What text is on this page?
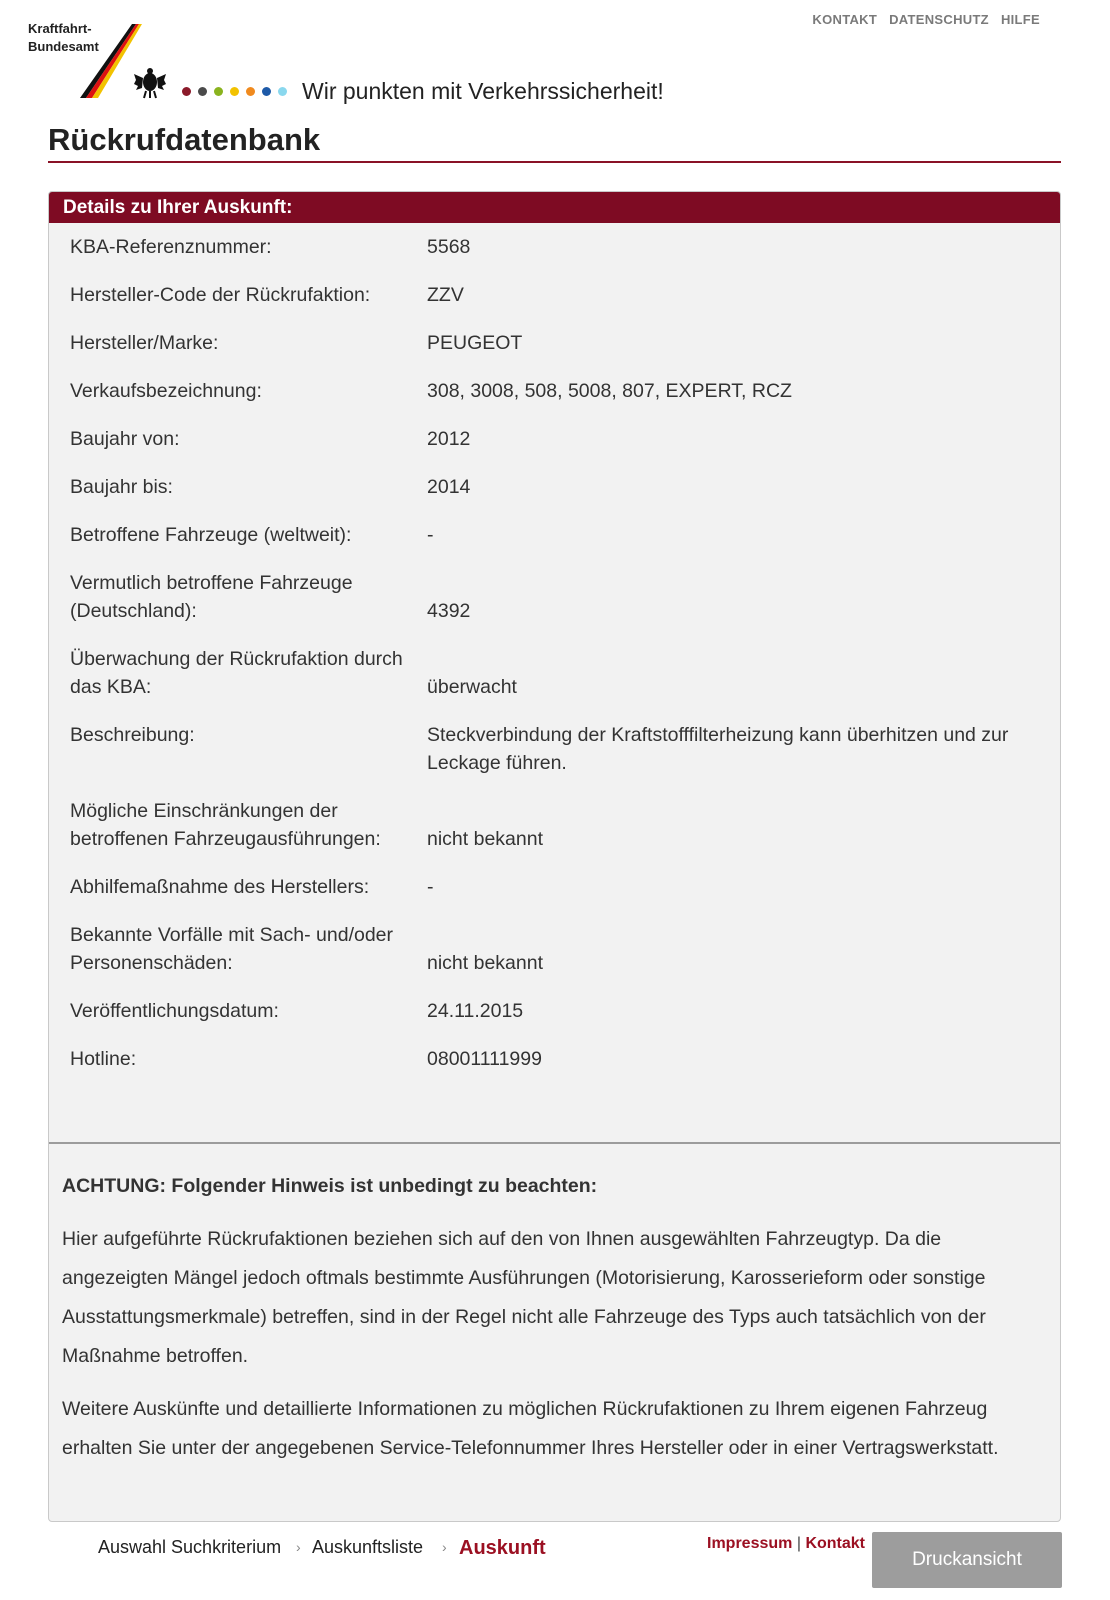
KONTAKT DATENSCHUTZ HILFE
Kraftfahrt-
Bundesamt
Wir punkten mit Verkehrssicherheit!
Rückrufdatenbank
Details zu Ihrer Auskunft:
KBA-Referenznummer:	5568
Hersteller-Code der Rückrufaktion:	ZZV
Hersteller/Marke:	PEUGEOT
Verkaufsbezeichnung:	308, 3008, 508, 5008, 807, EXPERT, RCZ
Baujahr von:	2012
Baujahr bis:	2014
Betroffene Fahrzeuge (weltweit):	-
Vermutlich betroffene Fahrzeuge (Deutschland):	4392
Überwachung der Rückrufaktion durch das KBA:	überwacht
Beschreibung:	Steckverbindung der Kraftstofffilterheizung kann überhitzen und zur Leckage führen.
Mögliche Einschränkungen der betroffenen Fahrzeugausführungen:	nicht bekannt
Abhilfemaßnahme des Herstellers:	-
Bekannte Vorfälle mit Sach- und/oder Personenschäden:	nicht bekannt
Veröffentlichungsdatum:	24.11.2015
Hotline:	08001111999

ACHTUNG: Folgender Hinweis ist unbedingt zu beachten:

Hier aufgeführte Rückrufaktionen beziehen sich auf den von Ihnen ausgewählten Fahrzeugtyp. Da die angezeigten Mängel jedoch oftmals bestimmte Ausführungen (Motorisierung, Karosserieform oder sonstige Ausstattungsmerkmale) betreffen, sind in der Regel nicht alle Fahrzeuge des Typs auch tatsächlich von der Maßnahme betroffen.

Weitere Auskünfte und detaillierte Informationen zu möglichen Rückrufaktionen zu Ihrem eigenen Fahrzeug erhalten Sie unter der angegebenen Service-Telefonnummer Ihres Hersteller oder in einer Vertragswerkstatt.

Auswahl Suchkriterium › Auskunftsliste › Auskunft	Impressum | Kontakt
Druckansicht
